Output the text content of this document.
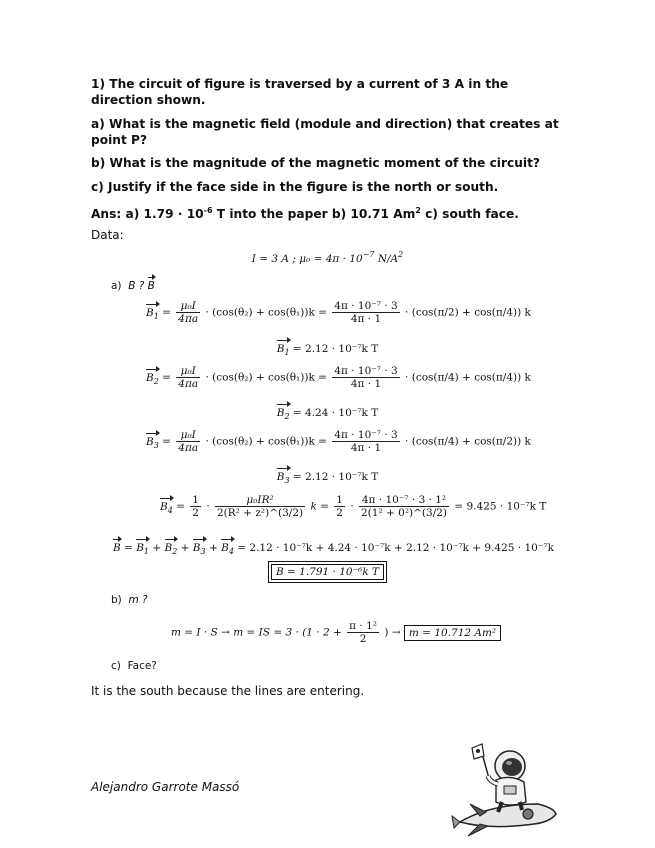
1) The circuit of figure is traversed by a current of 3 A in the direction shown.

a) What is the magnetic field (module and direction) that creates at point P?

b) What is the magnitude of the magnetic moment of the circuit?

c) Justify if the face side in the figure is the north or south.

Ans: a) $1.79 \cdot 10^{-6}$ T into the paper b) 10.71 Am$^2$ c) south face.

Data:

I = 3 A ; $\mu_0 = 4\pi \cdot 10^{-7}$ $N/A^2$
a) B ? B
$B_1 = \frac{\text{μ₀I}}{4\pi a} \cdot (\cos(\theta_2) + \cos(\theta_1))k = \frac{\text{4π · 10⁻⁷ · 3}}{4\pi \cdot 1} \cdot (\cos(\pi/2) + \cos(\pi/4))$ k
$B_1 = 2.12 \cdot 10^{-7}k$ T
$B_2 = \frac{\text{μ₀I}}{4\pi a} \cdot (\cos(\theta_2) + \cos(\theta_1))k = \frac{\text{4π · 10⁻⁷ · 3}}{4\pi \cdot 1} \cdot (\cos(\pi/4) + \cos(\pi/4))$ k
$B_2 = 4.24 \cdot 10^{-7}k$ T
$B_3 = \frac{\text{μ₀I}}{4\pi a} \cdot (\cos(\theta_2) + \cos(\theta_1))k = \frac{\text{4π · 10⁻⁷ · 3}}{4\pi \cdot 1} \cdot (\cos(\pi/4) + \cos(\pi/2))$ k
$B_3 = 2.12 \cdot 10^{-7}k$ T
$B_4 = \frac{1}{2} \cdot \frac{\text{μ₀IR²}}{\text{2(R² + z²)\textasciicircum{}(3/2)}}$ $k = \frac{1}{2} \cdot \frac{\text{4π · 10⁻⁷ · 3 · 1²}}{\text{2(1² + 0²)\textasciicircum{}(3/2)}} = 9.425 \cdot 10^{-7}k$ T
$B = B_1 + B_2 + B_3 + B_4 = 2.12 \cdot 10^{-7}k + 4.24 \cdot 10^{-7}k + 2.12 \cdot 10^{-7}k + 9.425 \cdot 10^{-7}k$
B = 1.791 · 10⁻⁶k T
b) m ?
m = I · S → m = IS = $3 \cdot (1 \cdot 2 + \frac{\text{π · 1²}}{2}$ ) → m = 10.712 Am²
c) Face?

It is the south because the lines are entering.

Alejandro Garrote Massó
